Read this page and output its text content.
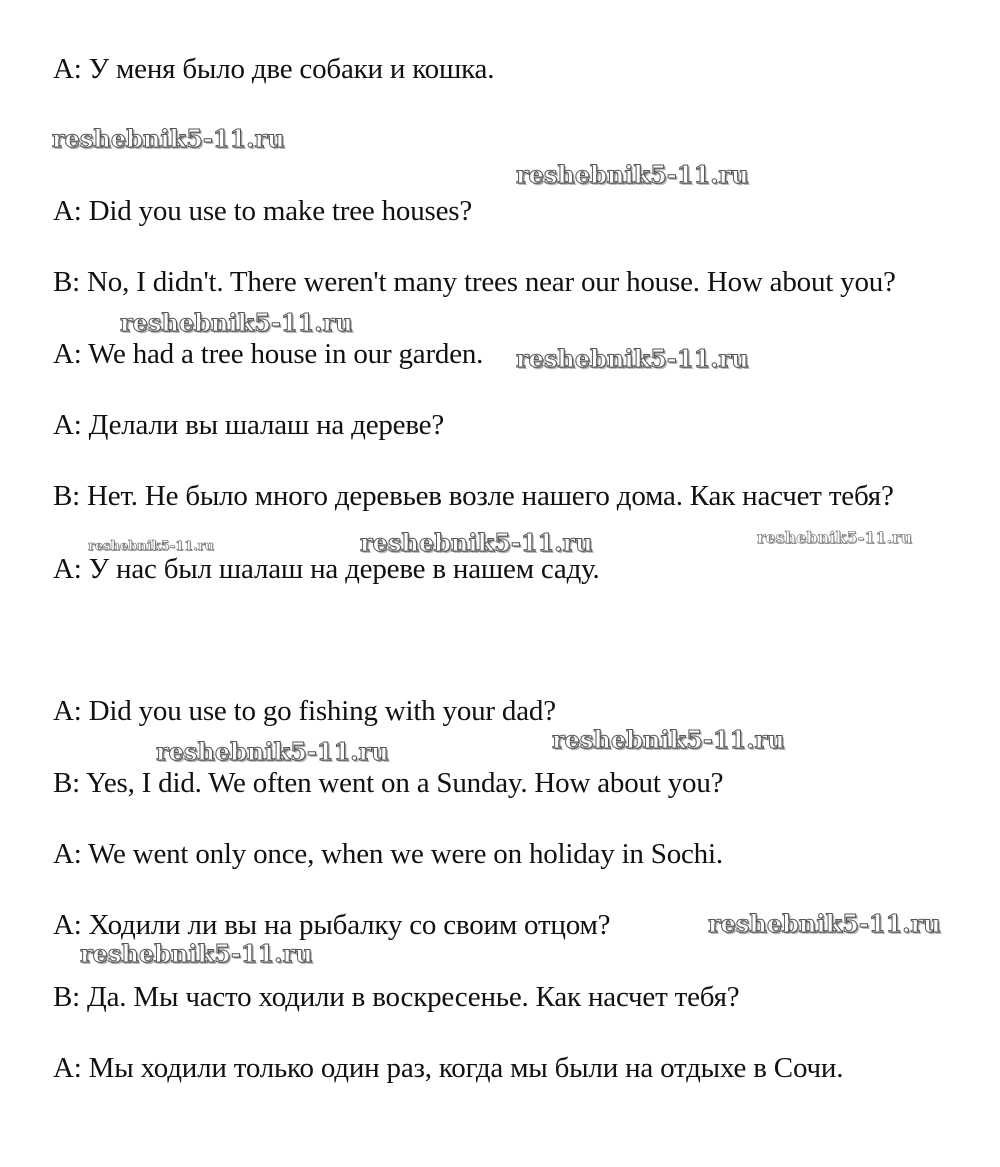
A: У меня было две собаки и кошка.
A: Did you use to make tree houses?
B: No, I didn't. There weren't many trees near our house. How about you?
A: We had a tree house in our garden.
A: Делали вы шалаш на дереве?
B: Нет. Не было много деревьев возле нашего дома. Как насчет тебя?
A: У нас был шалаш на дереве в нашем саду.
A: Did you use to go fishing with your dad?
B: Yes, I did. We often went on a Sunday. How about you?
A: We went only once, when we were on holiday in Sochi.
A: Ходили ли вы на рыбалку со своим отцом?
B: Да. Мы часто ходили в воскресенье. Как насчет тебя?
A: Мы ходили только один раз, когда мы были на отдыхе в Сочи.
reshebnik5-11.ru
reshebnik5-11.ru
reshebnik5-11.ru
reshebnik5-11.ru
reshebnik5-11.ru	reshebnik5-11.ru	reshebnik5-11.ru
reshebnik5-11.ru
reshebnik5-11.ru
reshebnik5-11.ru
reshebnik5-11.ru
